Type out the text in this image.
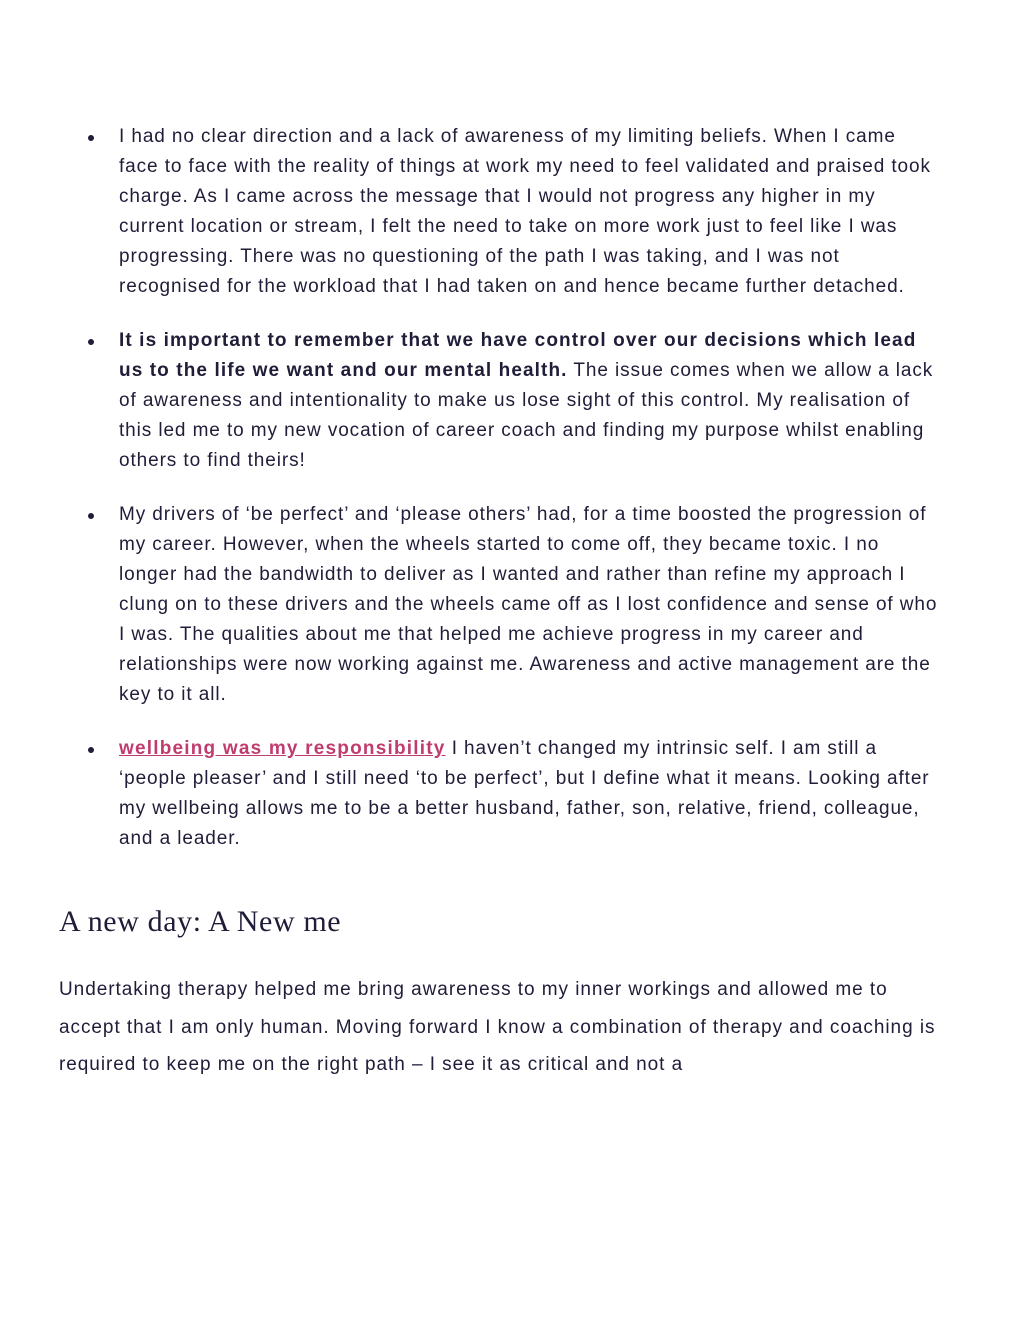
I had no clear direction and a lack of awareness of my limiting beliefs. When I came face to face with the reality of things at work my need to feel validated and praised took charge. As I came across the message that I would not progress any higher in my current location or stream, I felt the need to take on more work just to feel like I was progressing. There was no questioning of the path I was taking, and I was not recognised for the workload that I had taken on and hence became further detached.
It is important to remember that we have control over our decisions which lead us to the life we want and our mental health. The issue comes when we allow a lack of awareness and intentionality to make us lose sight of this control. My realisation of this led me to my new vocation of career coach and finding my purpose whilst enabling others to find theirs!
My drivers of ‘be perfect’ and ‘please others’ had, for a time boosted the progression of my career. However, when the wheels started to come off, they became toxic. I no longer had the bandwidth to deliver as I wanted and rather than refine my approach I clung on to these drivers and the wheels came off as I lost confidence and sense of who I was. The qualities about me that helped me achieve progress in my career and relationships were now working against me. Awareness and active management are the key to it all.
wellbeing was my responsibility I haven’t changed my intrinsic self. I am still a ‘people pleaser’ and I still need ‘to be perfect’, but I define what it means. Looking after my wellbeing allows me to be a better husband, father, son, relative, friend, colleague, and a leader.
A new day: A New me

Undertaking therapy helped me bring awareness to my inner workings and allowed me to accept that I am only human. Moving forward I know a combination of therapy and coaching is required to keep me on the right path – I see it as critical and not a
